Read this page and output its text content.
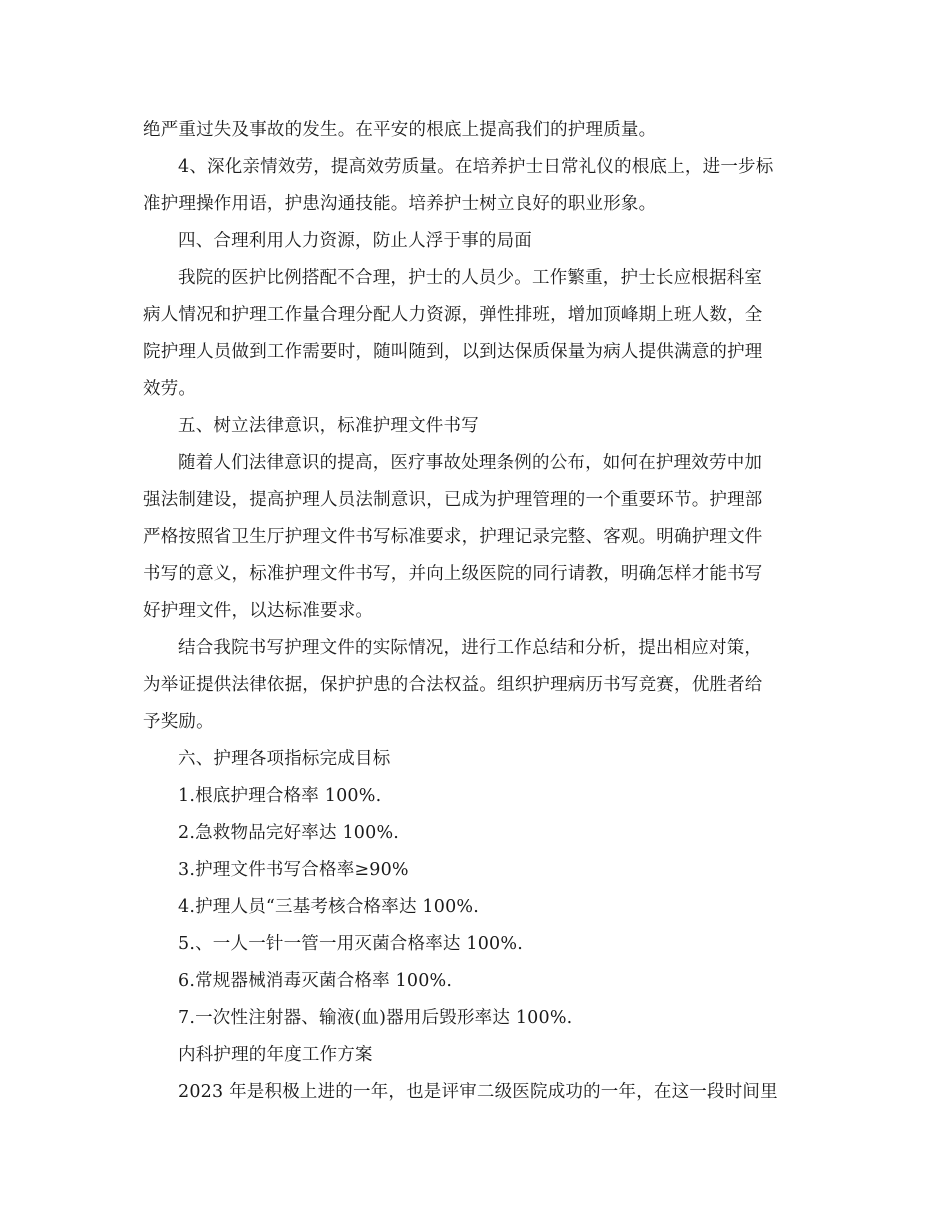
绝严重过失及事故的发生。在平安的根底上提高我们的护理质量。
4、深化亲情效劳，提高效劳质量。在培养护士日常礼仪的根底上，进一步标
准护理操作用语，护患沟通技能。培养护士树立良好的职业形象。
四、合理利用人力资源，防止人浮于事的局面
我院的医护比例搭配不合理，护士的人员少。工作繁重，护士长应根据科室
病人情况和护理工作量合理分配人力资源，弹性排班，增加顶峰期上班人数，全
院护理人员做到工作需要时，随叫随到，以到达保质保量为病人提供满意的护理
效劳。
五、树立法律意识，标准护理文件书写
随着人们法律意识的提高，医疗事故处理条例的公布，如何在护理效劳中加
强法制建设，提高护理人员法制意识，已成为护理管理的一个重要环节。护理部
严格按照省卫生厅护理文件书写标准要求，护理记录完整、客观。明确护理文件
书写的意义，标准护理文件书写，并向上级医院的同行请教，明确怎样才能书写
好护理文件，以达标准要求。
结合我院书写护理文件的实际情况，进行工作总结和分析，提出相应对策，
为举证提供法律依据，保护护患的合法权益。组织护理病历书写竞赛，优胜者给
予奖励。
六、护理各项指标完成目标
1.根底护理合格率 100%.
2.急救物品完好率达 100%.
3.护理文件书写合格率≥90%
4.护理人员“三基考核合格率达 100%.
5.、一人一针一管一用灭菌合格率达 100%.
6.常规器械消毒灭菌合格率 100%.
7.一次性注射器、输液(血)器用后毁形率达 100%.
内科护理的年度工作方案
2023 年是积极上进的一年，也是评审二级医院成功的一年，在这一段时间里
